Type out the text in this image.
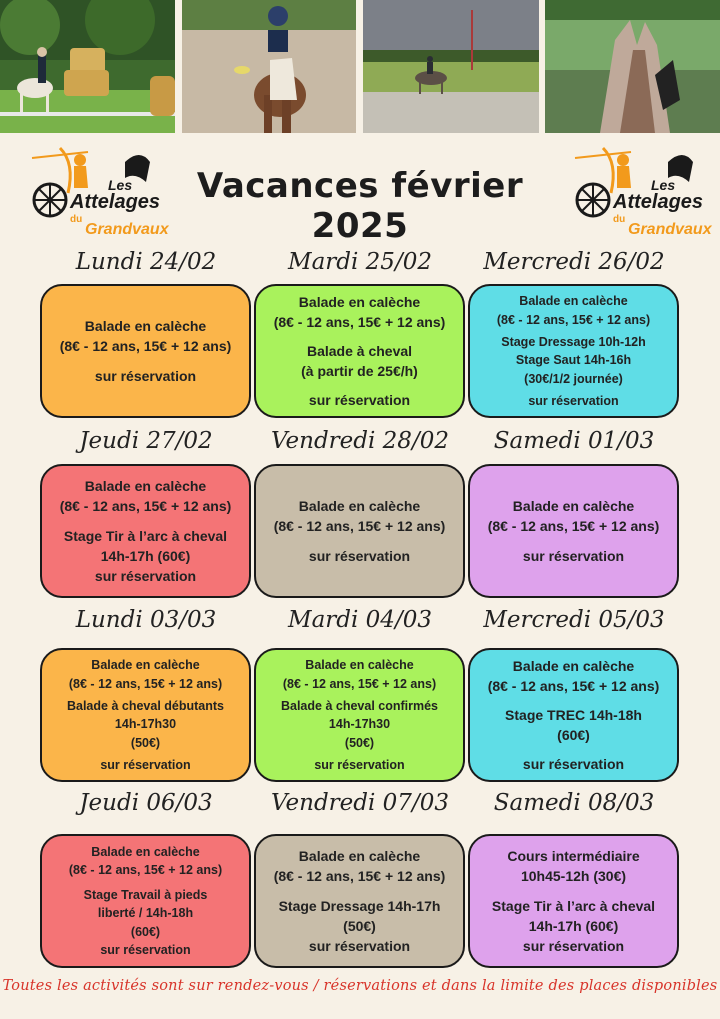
Les
Attelages
du
Grandvaux
Les
Attelages
du
Grandvaux
Vacances février 2025
Lundi 24/02
Balade en calèche
(8€ - 12 ans, 15€ + 12 ans)
sur réservation
Mardi 25/02
Balade en calèche
(8€ - 12 ans, 15€ + 12 ans)
Balade à cheval
(à partir de 25€/h)
sur réservation
Mercredi 26/02
Balade en calèche
(8€ - 12 ans, 15€ + 12 ans)
Stage Dressage 10h-12h
Stage Saut 14h-16h
(30€/1/2 journée)
sur réservation
Jeudi 27/02
Balade en calèche
(8€ - 12 ans, 15€ + 12 ans)
Stage Tir à l’arc à cheval
14h-17h (60€)
sur réservation
Vendredi 28/02
Balade en calèche
(8€ - 12 ans, 15€ + 12 ans)
sur réservation
Samedi 01/03
Balade en calèche
(8€ - 12 ans, 15€ + 12 ans)
sur réservation
Lundi 03/03
Balade en calèche
(8€ - 12 ans, 15€ + 12 ans)
Balade à cheval débutants
14h-17h30
(50€)
sur réservation
Mardi 04/03
Balade en calèche
(8€ - 12 ans, 15€ + 12 ans)
Balade à cheval confirmés
14h-17h30
(50€)
sur réservation
Mercredi 05/03
Balade en calèche
(8€ - 12 ans, 15€ + 12 ans)
Stage TREC 14h-18h
(60€)
sur réservation
Jeudi 06/03
Balade en calèche
(8€ - 12 ans, 15€ + 12 ans)
Stage Travail à pieds
liberté / 14h-18h
(60€)
sur réservation
Vendredi 07/03
Balade en calèche
(8€ - 12 ans, 15€ + 12 ans)
Stage Dressage 14h-17h
(50€)
sur réservation
Samedi 08/03
Cours intermédiaire
10h45-12h (30€)
Stage Tir à l’arc à cheval
14h-17h (60€)
sur réservation
Toutes les activités sont sur rendez-vous / réservations et dans la limite des places disponibles
